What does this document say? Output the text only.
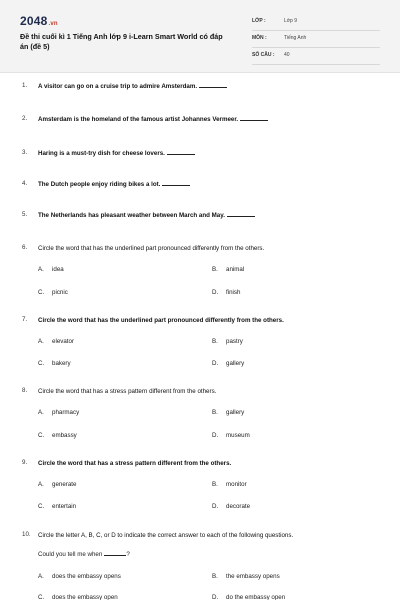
2048.vn
Đề thi cuối kì 1 Tiếng Anh lớp 9 i-Learn Smart World có đáp án (đề 5)
LỚP :	Lớp 9
MÔN :	Tiếng Anh
SỐ CÂU : 40
1. A visitor can go on a cruise trip to admire Amsterdam.
2. Amsterdam is the homeland of the famous artist Johannes Vermeer.
3. Haring is a must-try dish for cheese lovers.
4. The Dutch people enjoy riding bikes a lot.
5. The Netherlands has pleasant weather between March and May.
6. Circle the word that has the underlined part pronounced differently from the others.
A. idea	B. animal
C. picnic	D. finish
7. Circle the word that has the underlined part pronounced differently from the others.
A. elevator	B. pastry
C. bakery	D. gallery
8. Circle the word that has a stress pattern different from the others.
A. pharmacy	B. gallery
C. embassy	D. museum
9. Circle the word that has a stress pattern different from the others.
A. generate	B. monitor
C. entertain	D. decorate
10. Circle the letter A, B, C, or D to indicate the correct answer to each of the following questions.
Could you tell me when	?
A. does the embassy opens	B. the embassy opens
C. does the embassy open	D. do the embassy open
